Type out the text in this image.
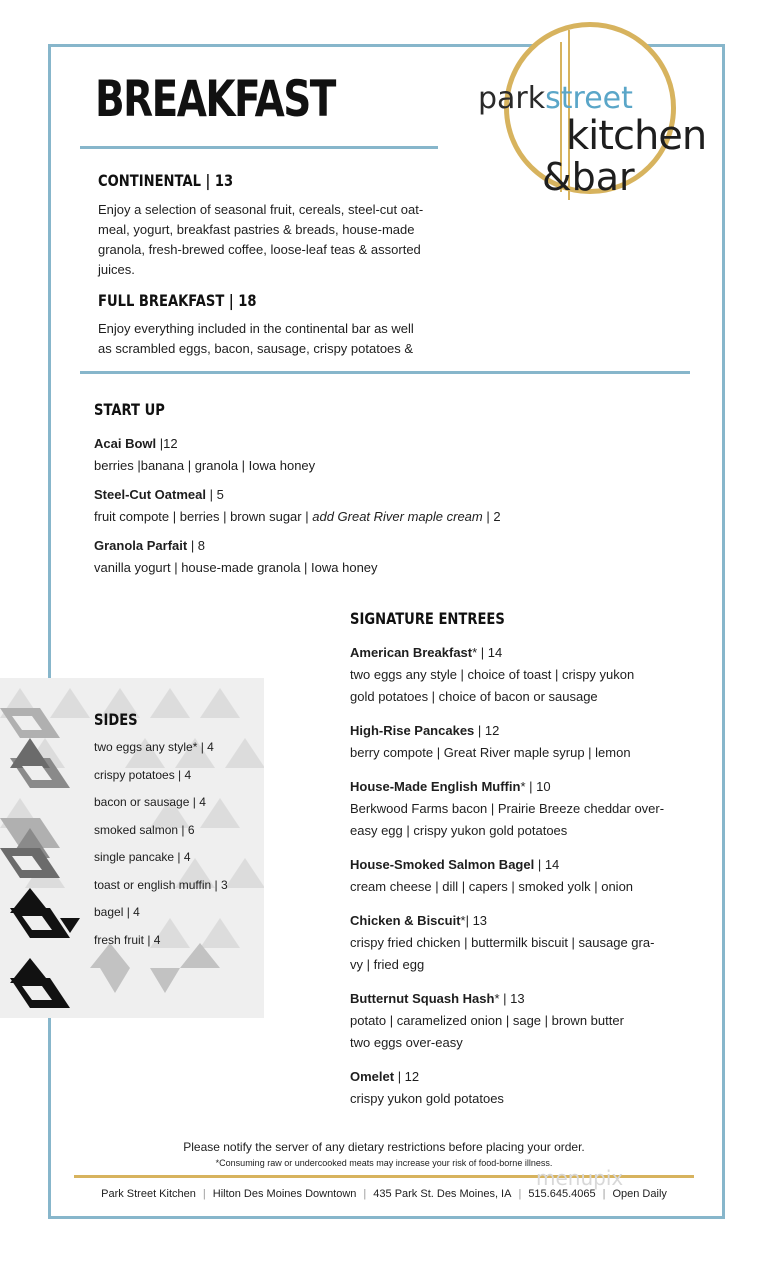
BREAKFAST	parkstreet
kitchen
&bar
CONTINENTAL | 13
Enjoy a selection of seasonal fruit, cereals, steel-cut oat-
meal, yogurt, breakfast pastries & breads, house-made
granola, fresh-brewed coffee, loose-leaf teas & assorted
juices.
FULL BREAKFAST | 18
Enjoy everything included in the continental bar as well
as scrambled eggs, bacon, sausage, crispy potatoes &
START UP
Acai Bowl |12
berries |banana | granola | Iowa honey
Steel-Cut Oatmeal | 5
fruit compote | berries | brown sugar | add Great River maple cream | 2
Granola Parfait | 8
vanilla yogurt | house-made granola | Iowa honey
SIGNATURE ENTREES
American Breakfast* | 14
two eggs any style | choice of toast | crispy yukon
gold potatoes | choice of bacon or sausage
High-Rise Pancakes | 12
berry compote | Great River maple syrup | lemon
House-Made English Muffin* | 10
Berkwood Farms bacon | Prairie Breeze cheddar over-
easy egg | crispy yukon gold potatoes
House-Smoked Salmon Bagel | 14
cream cheese | dill | capers | smoked yolk | onion
Chicken & Biscuit*| 13
crispy fried chicken | buttermilk biscuit | sausage gra-
vy | fried egg
Butternut Squash Hash* | 13
potato | caramelized onion | sage | brown butter
two eggs over-easy
Omelet | 12
crispy yukon gold potatoes
SIDES
two eggs any style* | 4
crispy potatoes | 4
bacon or sausage | 4
smoked salmon | 6
single pancake | 4
toast or english muffin | 3
bagel | 4
fresh fruit | 4
Please notify the server of any dietary restrictions before placing your order.
*Consuming raw or undercooked meats may increase your risk of food-borne illness.
menupix
Park Street Kitchen | Hilton Des Moines Downtown | 435 Park St. Des Moines, IA | 515.645.4065 | Open Daily
